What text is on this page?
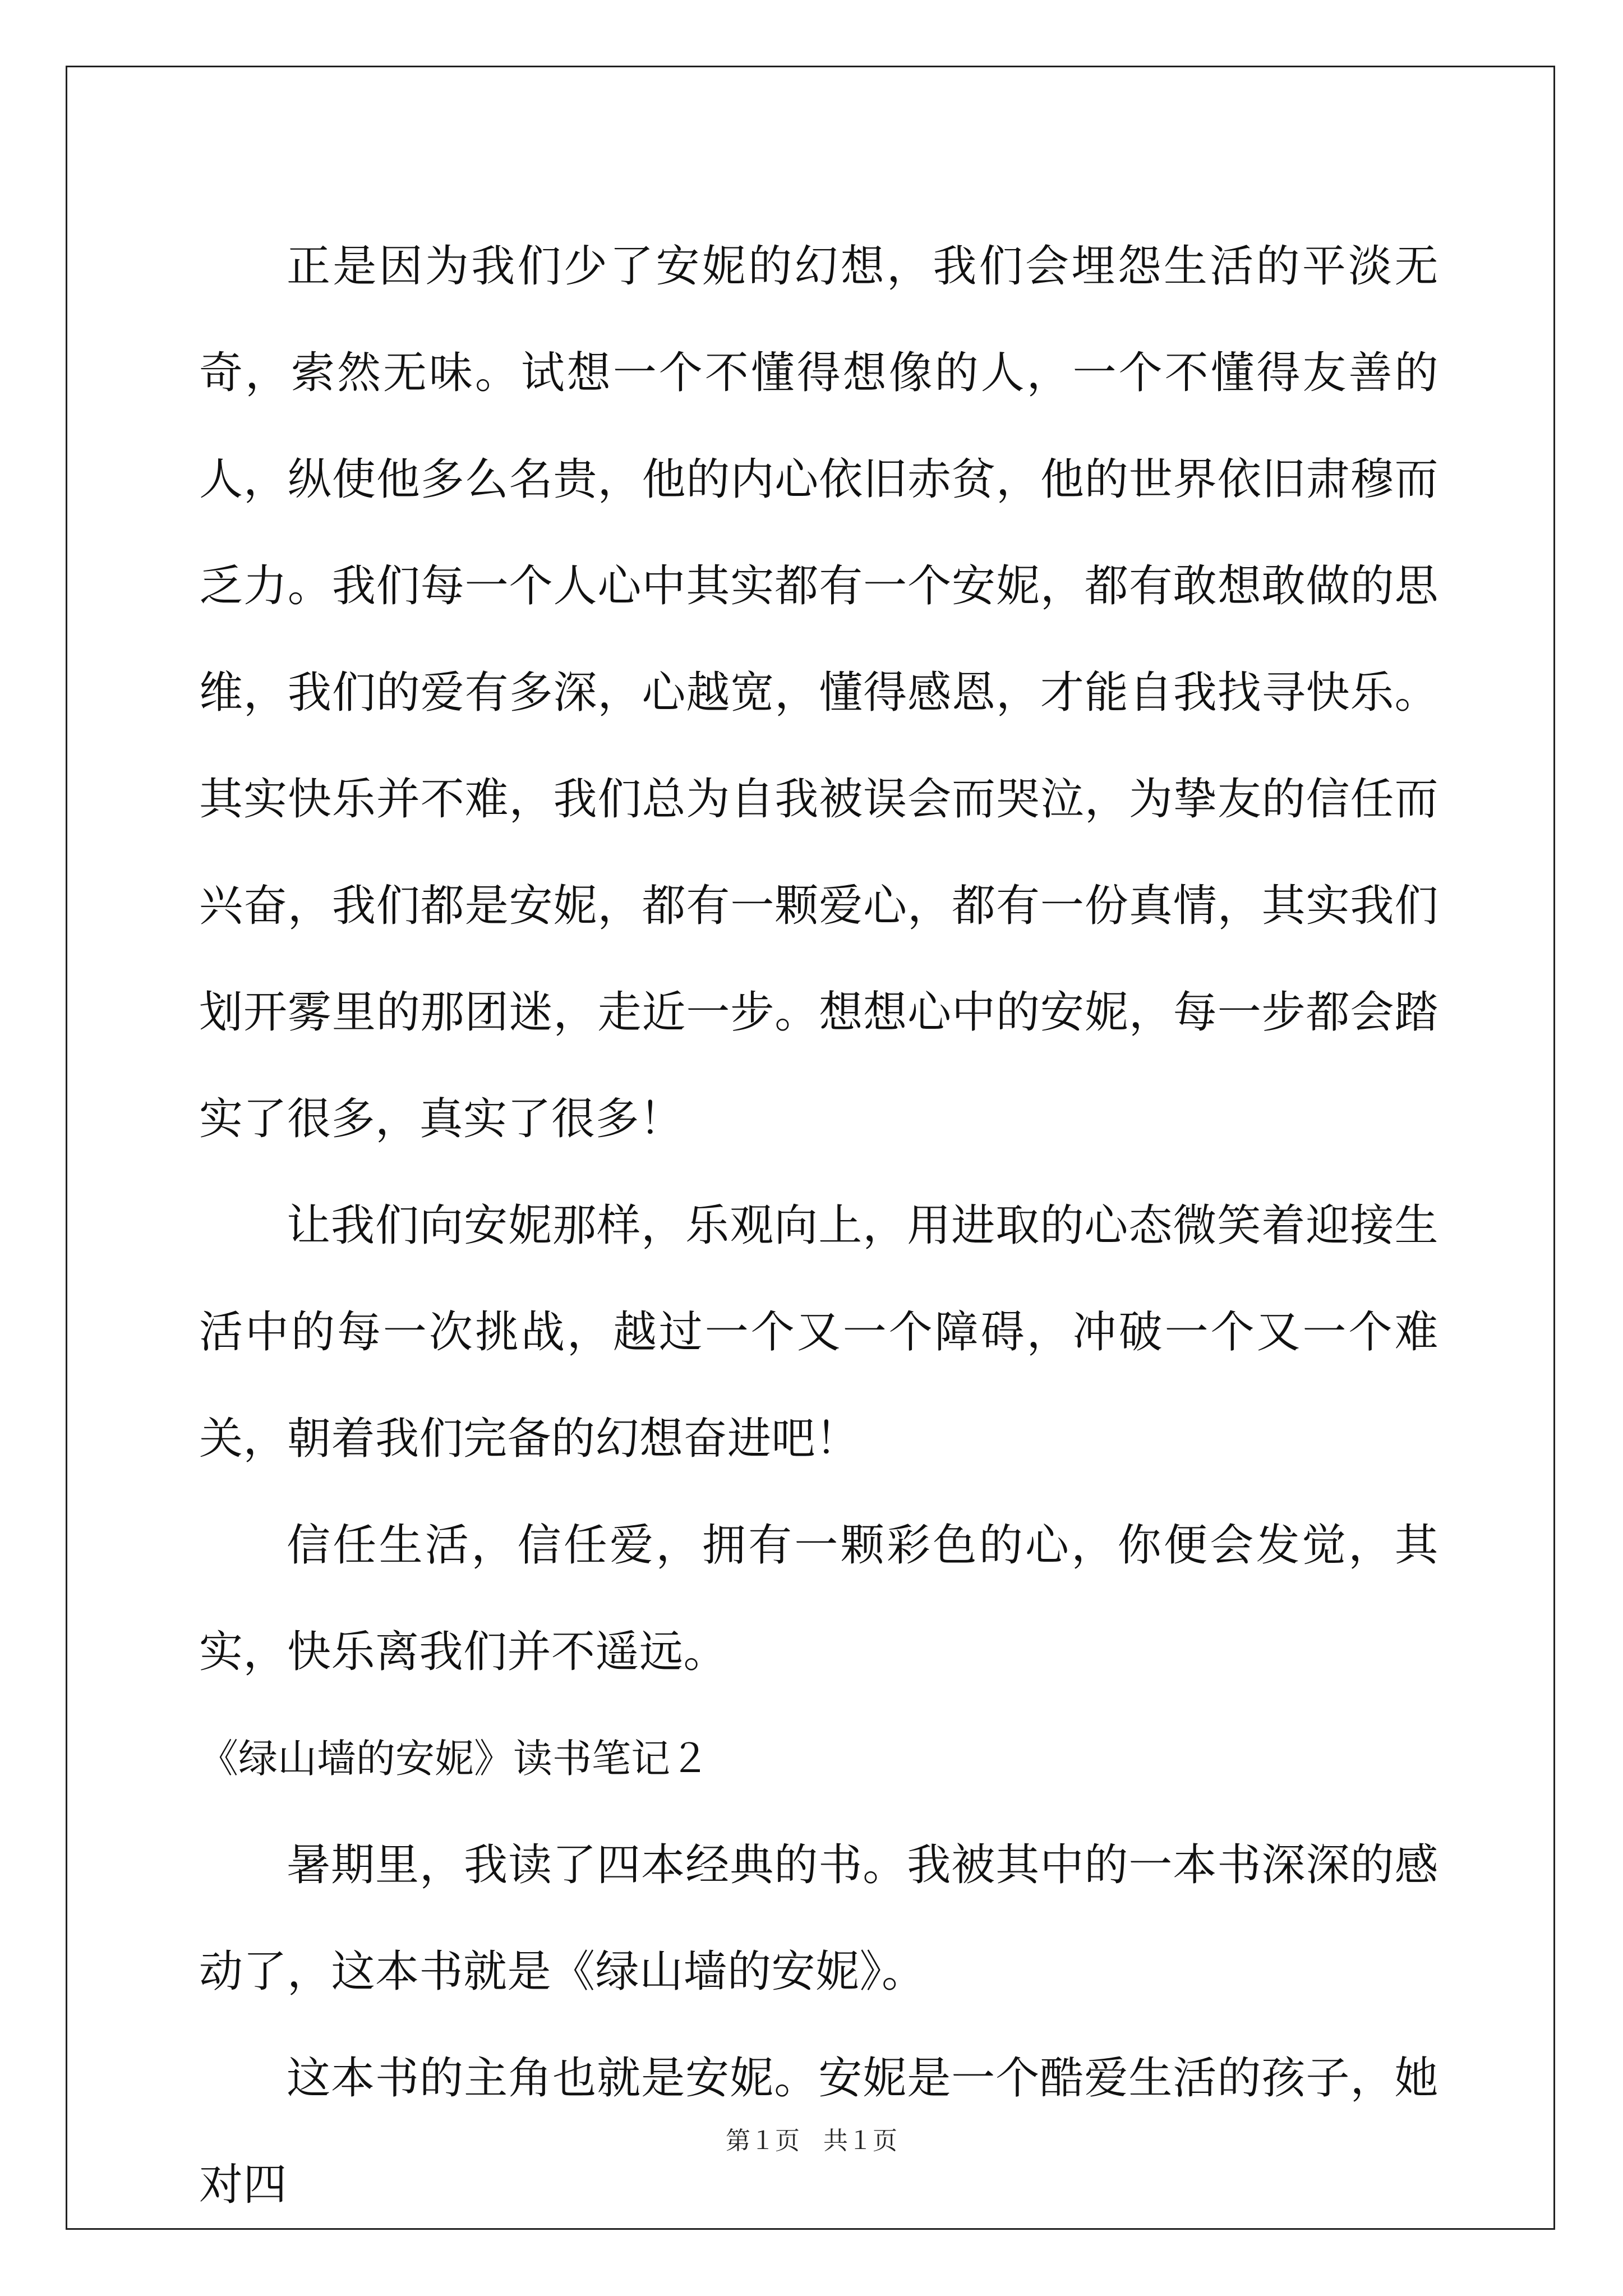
正是因为我们少了安妮的幻想，我们会埋怨生活的平淡无奇，索然无味。试想一个不懂得想像的人，一个不懂得友善的人，纵使他多么名贵，他的内心依旧赤贫，他的世界依旧肃穆而乏力。我们每一个人心中其实都有一个安妮，都有敢想敢做的思维，我们的爱有多深，心越宽，懂得感恩，才能自我找寻快乐。其实快乐并不难，我们总为自我被误会而哭泣，为挚友的信任而兴奋，我们都是安妮，都有一颗爱心，都有一份真情，其实我们划开雾里的那团迷，走近一步。想想心中的安妮，每一步都会踏实了很多，真实了很多！

让我们向安妮那样，乐观向上，用进取的心态微笑着迎接生活中的每一次挑战，越过一个又一个障碍，冲破一个又一个难关，朝着我们完备的幻想奋进吧！

信任生活，信任爱，拥有一颗彩色的心，你便会发觉，其实，快乐离我们并不遥远。

《绿山墙的安妮》读书笔记２

暑期里，我读了四本经典的书。我被其中的一本书深深的感动了，这本书就是《绿山墙的安妮》。

这本书的主角也就是安妮。安妮是一个酷爱生活的孩子，她对四

第１页 共１页
